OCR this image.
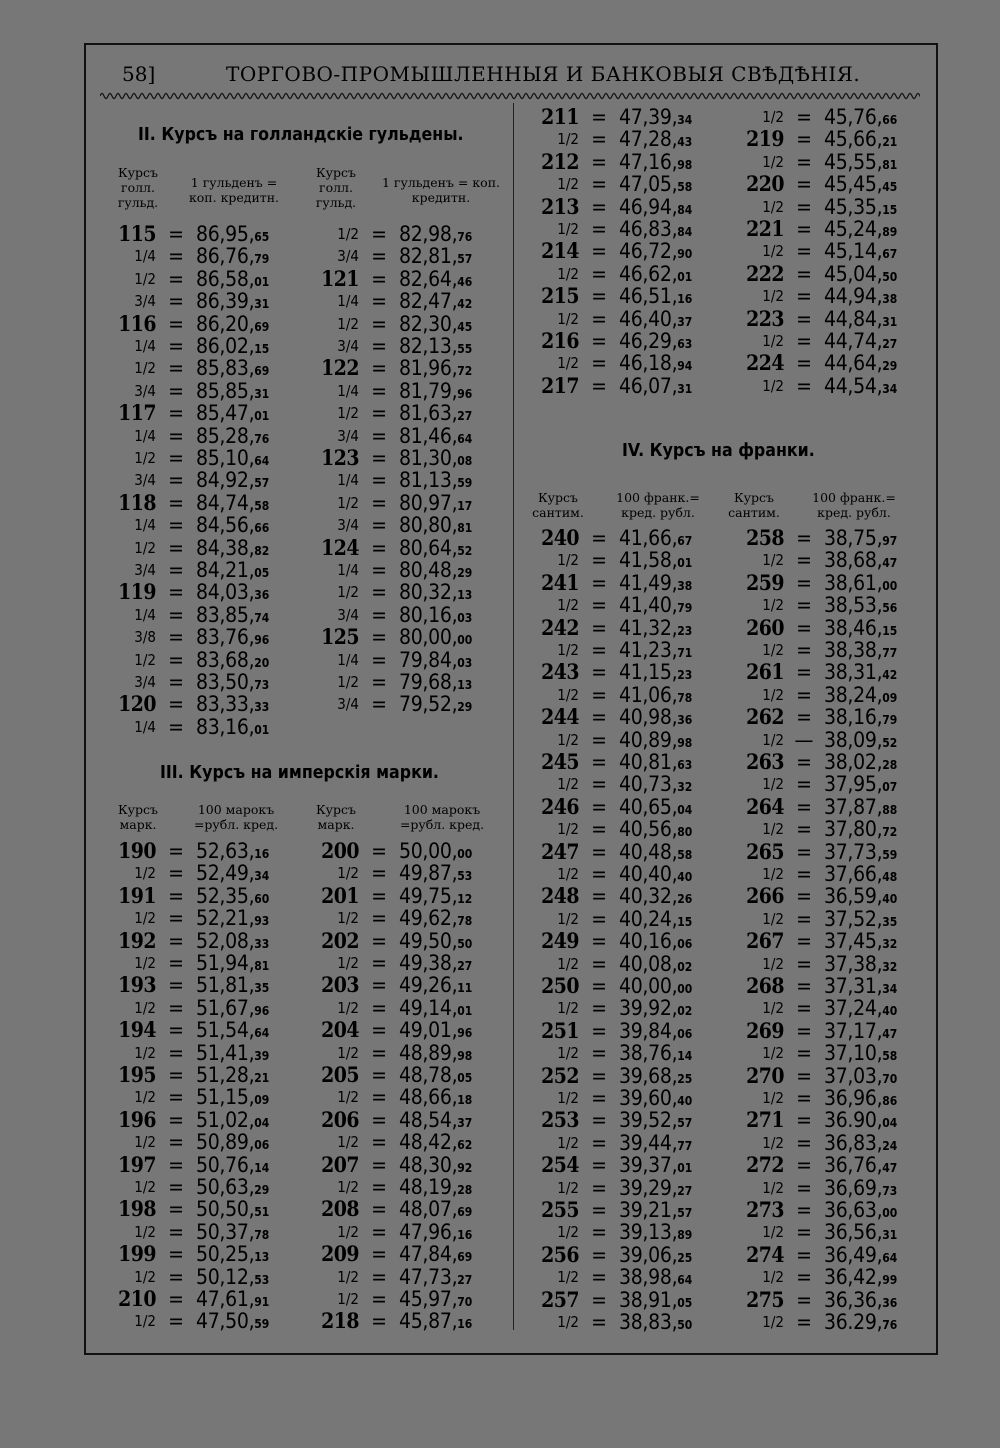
58]	ТОРГОВО-ПРОМЫШЛЕННЫЯ И БАНКОВЫЯ СВѢДѢНІЯ.
II. Курсъ на голландскіе гульдены.
Курсъ голл. гульд.
1 гульденъ = коп. кредитн.
Курсъ голл. гульд.
1 гульденъ = коп. кредитн.
115 = 86,95,65
1/4 = 86,76,79
1/2 = 86,58,01
3/4 = 86,39,31
116 = 86,20,69
1/4 = 86,02,15
1/2 = 85,83,69
3/4 = 85,85,31
117 = 85,47,01
1/4 = 85,28,76
1/2 = 85,10,64
3/4 = 84,92,57
118 = 84,74,58
1/4 = 84,56,66
1/2 = 84,38,82
3/4 = 84,21,05
119 = 84,03,36
1/4 = 83,85,74
3/8 = 83,76,96
1/2 = 83,68,20
3/4 = 83,50,73
120 = 83,33,33
1/4 = 83,16,01
1/2 = 82,98,76
3/4 = 82,81,57
121 = 82,64,46
1/4 = 82,47,42
1/2 = 82,30,45
3/4 = 82,13,55
122 = 81,96,72
1/4 = 81,79,96
1/2 = 81,63,27
3/4 = 81,46,64
123 = 81,30,08
1/4 = 81,13,59
1/2 = 80,97,17
3/4 = 80,80,81
124 = 80,64,52
1/4 = 80,48,29
1/2 = 80,32,13
3/4 = 80,16,03
125 = 80,00,00
1/4 = 79,84,03
1/2 = 79,68,13
3/4 = 79,52,29
III. Курсъ на имперскія марки.
Курсъ марк.
100 марокъ =рубл. кред.
Курсъ марк.
100 марокъ =рубл. кред.
190 = 52,63,16
1/2 = 52,49,34
191 = 52,35,60
1/2 = 52,21,93
192 = 52,08,33
1/2 = 51,94,81
193 = 51,81,35
1/2 = 51,67,96
194 = 51,54,64
1/2 = 51,41,39
195 = 51,28,21
1/2 = 51,15,09
196 = 51,02,04
1/2 = 50,89,06
197 = 50,76,14
1/2 = 50,63,29
198 = 50,50,51
1/2 = 50,37,78
199 = 50,25,13
1/2 = 50,12,53
210 = 47,61,91
1/2 = 47,50,59
200 = 50,00,00
1/2 = 49,87,53
201 = 49,75,12
1/2 = 49,62,78
202 = 49,50,50
1/2 = 49,38,27
203 = 49,26,11
1/2 = 49,14,01
204 = 49,01,96
1/2 = 48,89,98
205 = 48,78,05
1/2 = 48,66,18
206 = 48,54,37
1/2 = 48,42,62
207 = 48,30,92
1/2 = 48,19,28
208 = 48,07,69
1/2 = 47,96,16
209 = 47,84,69
1/2 = 47,73,27
1/2 = 45,97,70
218 = 45,87,16
211 = 47,39,34
1/2 = 47,28,43
212 = 47,16,98
1/2 = 47,05,58
213 = 46,94,84
1/2 = 46,83,84
214 = 46,72,90
1/2 = 46,62,01
215 = 46,51,16
1/2 = 46,40,37
216 = 46,29,63
1/2 = 46,18,94
217 = 46,07,31
1/2 = 45,76,66
219 = 45,66,21
1/2 = 45,55,81
220 = 45,45,45
1/2 = 45,35,15
221 = 45,24,89
1/2 = 45,14,67
222 = 45,04,50
1/2 = 44,94,38
223 = 44,84,31
1/2 = 44,74,27
224 = 44,64,29
1/2 = 44,54,34
IV. Курсъ на франки.
Курсъ сантим.
100 франк.= кред. рубл.
Курсъ сантим.
100 франк.= кред. рубл.
240 = 41,66,67
1/2 = 41,58,01
241 = 41,49,38
1/2 = 41,40,79
242 = 41,32,23
1/2 = 41,23,71
243 = 41,15,23
1/2 = 41,06,78
244 = 40,98,36
1/2 = 40,89,98
245 = 40,81,63
1/2 = 40,73,32
246 = 40,65,04
1/2 = 40,56,80
247 = 40,48,58
1/2 = 40,40,40
248 = 40,32,26
1/2 = 40,24,15
249 = 40,16,06
1/2 = 40,08,02
250 = 40,00,00
1/2 = 39,92,02
251 = 39,84,06
1/2 = 38,76,14
252 = 39,68,25
1/2 = 39,60,40
253 = 39,52,57
1/2 = 39,44,77
254 = 39,37,01
1/2 = 39,29,27
255 = 39,21,57
1/2 = 39,13,89
256 = 39,06,25
1/2 = 38,98,64
257 = 38,91,05
1/2 = 38,83,50
258 = 38,75,97
1/2 = 38,68,47
259 = 38,61,00
1/2 = 38,53,56
260 = 38,46,15
1/2 = 38,38,77
261 = 38,31,42
1/2 = 38,24,09
262 = 38,16,79
1/2 — 38,09,52
263 = 38,02,28
1/2 = 37,95,07
264 = 37,87,88
1/2 = 37,80,72
265 = 37,73,59
1/2 = 37,66,48
266 = 36,59,40
1/2 = 37,52,35
267 = 37,45,32
1/2 = 37,38,32
268 = 37,31,34
1/2 = 37,24,40
269 = 37,17,47
1/2 = 37,10,58
270 = 37,03,70
1/2 = 36,96,86
271 = 36.90,04
1/2 = 36,83,24
272 = 36,76,47
1/2 = 36,69,73
273 = 36,63,00
1/2 = 36,56,31
274 = 36,49,64
1/2 = 36,42,99
275 = 36,36,36
1/2 = 36.29,76
